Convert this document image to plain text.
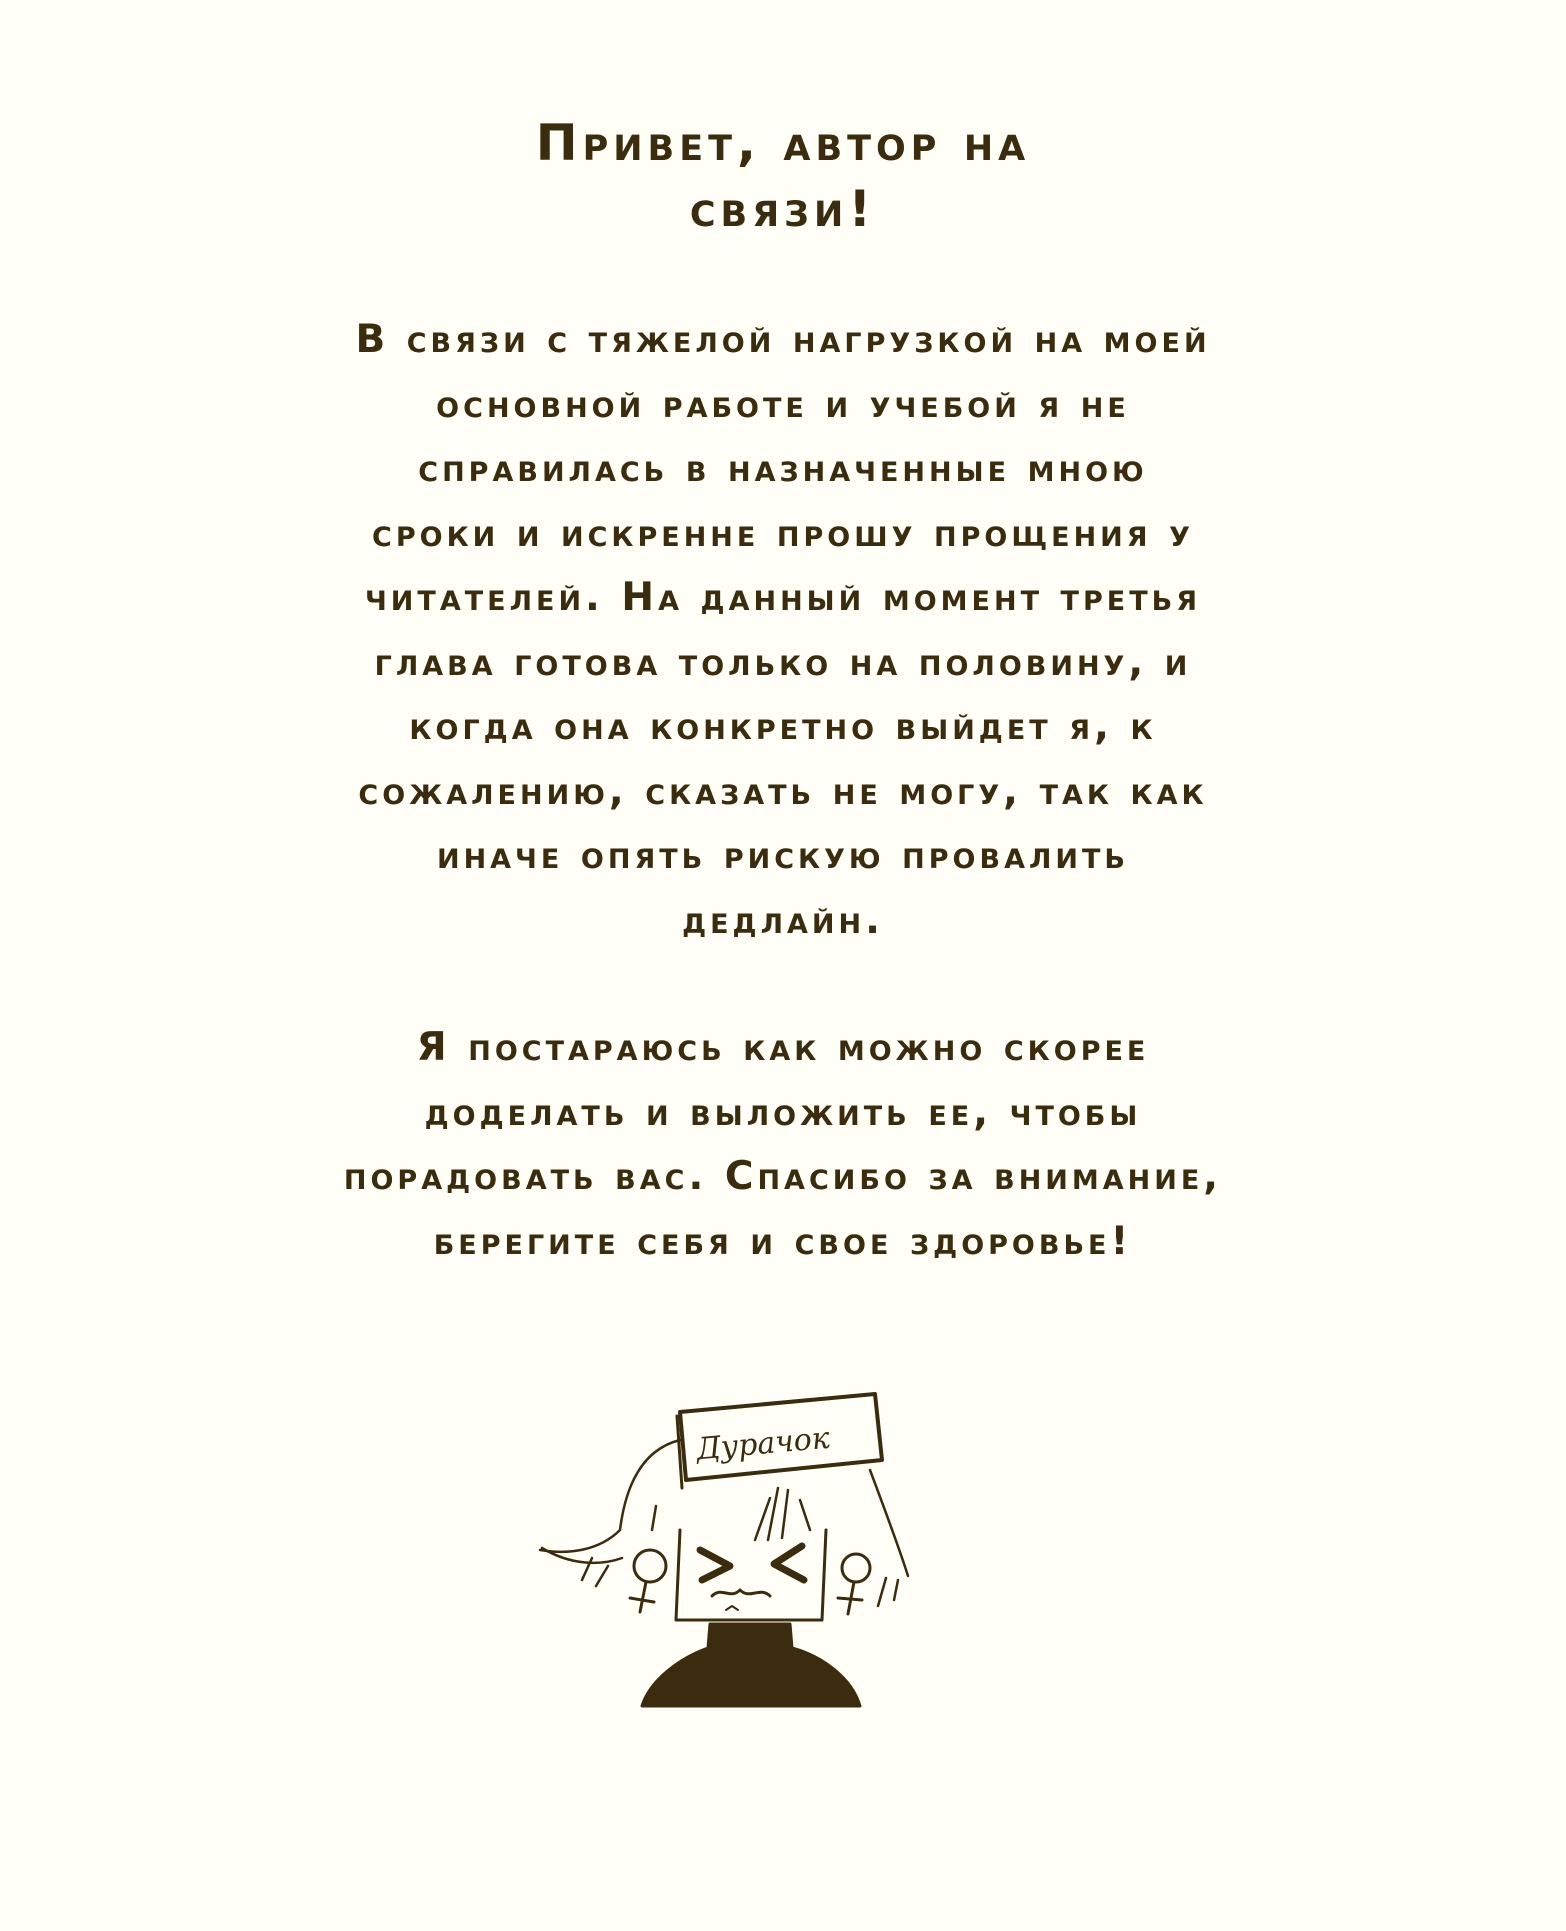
Привет, автор на
связи!
В связи с тяжелой нагрузкой на моей
основной работе и учебой я не
справилась в назначенные мною
сроки и искренне прошу прощения у
читателей. На данный момент третья
глава готова только на половину, и
когда она конкретно выйдет я, к
сожалению, сказать не могу, так как
иначе опять рискую провалить
дедлайн.
Я постараюсь как можно скорее
доделать и выложить ее, чтобы
порадовать вас. Спасибо за внимание,
берегите себя и свое здоровье!
Дурачок
